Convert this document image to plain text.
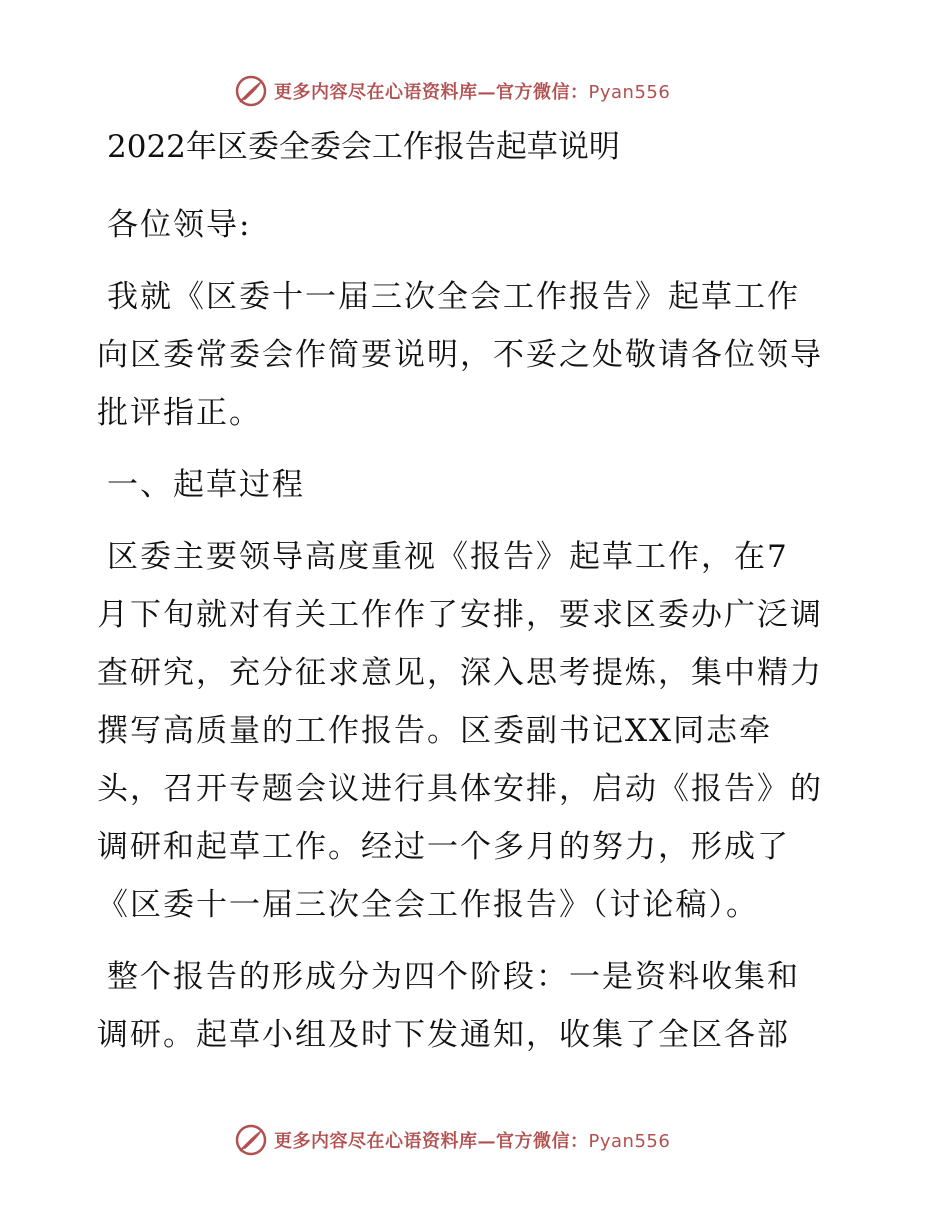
更多内容尽在心语资料库—官方微信：Pyan556
2022年区委全委会工作报告起草说明
各位领导:
我就《区委十一届三次全会工作报告》起草工作
向区委常委会作简要说明，不妥之处敬请各位领导
批评指正。
一、起草过程
区委主要领导高度重视《报告》起草工作，在7
月下旬就对有关工作作了安排，要求区委办广泛调
查研究，充分征求意见，深入思考提炼，集中精力
撰写高质量的工作报告。区委副书记XX同志牵
头，召开专题会议进行具体安排，启动《报告》的
调研和起草工作。经过一个多月的努力，形成了
《区委十一届三次全会工作报告》（讨论稿）。
整个报告的形成分为四个阶段：一是资料收集和
调研。起草小组及时下发通知，收集了全区各部
更多内容尽在心语资料库—官方微信：Pyan556
